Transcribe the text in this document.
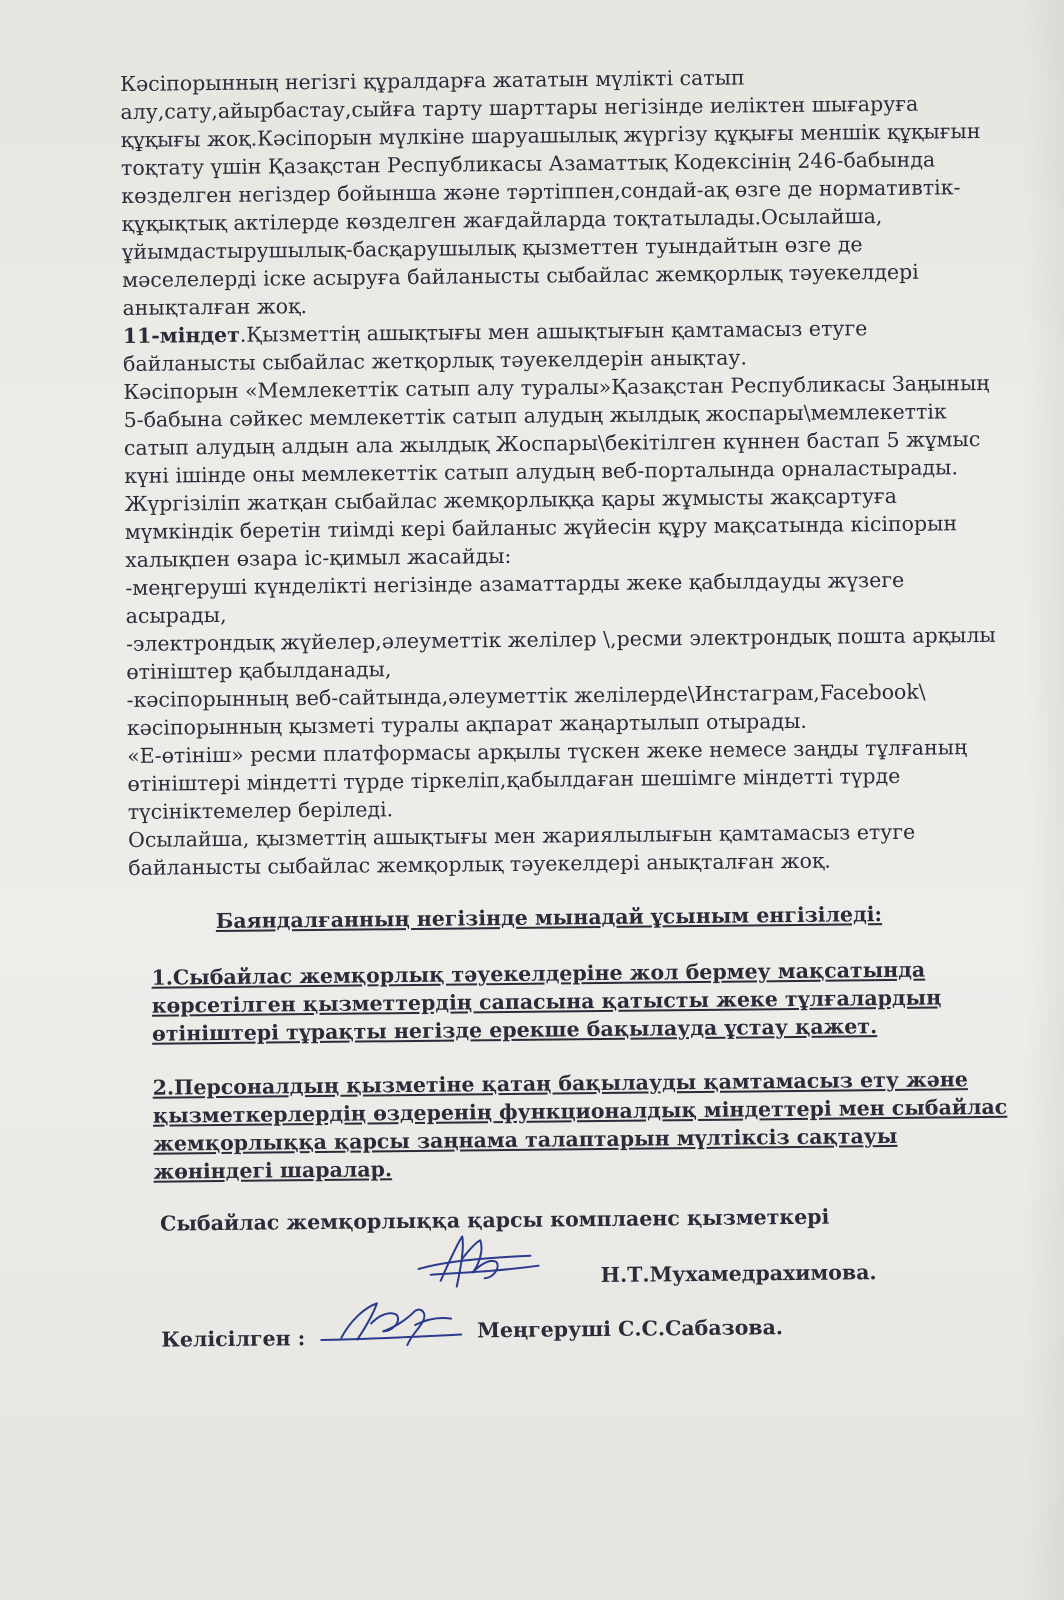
Кәсіпорынның негізгі құралдарға жататын мүлікті сатып алу,сату,айырбастау,сыйға тарту шарттары негізінде иеліктен шығаруға құқығы жоқ.Кәсіпорын мүлкіне шаруашылық жүргізу құқығы меншік құқығын тоқтату үшін Қазақстан Республикасы Азаматтық Кодексінің 246-бабында көзделген негіздер бойынша және тәртіппен,сондай-ақ өзге де нормативтік-құқықтық актілерде көзделген жағдайларда тоқтатылады.Осылайша, ұйымдастырушылық-басқарушылық қызметтен туындайтын өзге де мәселелерді іске асыруға байланысты сыбайлас жемқорлық тәуекелдері анықталған жоқ.

11-міндет.Қызметтің ашықтығы мен ашықтығын қамтамасыз етуге байланысты сыбайлас жетқорлық тәуекелдерін анықтау.

Кәсіпорын «Мемлекеттік сатып алу туралы»Қазақстан Республикасы Заңының 5-бабына сәйкес мемлекеттік сатып алудың жылдық жоспары\мемлекеттік сатып алудың алдын ала жылдық Жоспары\бекітілген күннен бастап 5 жұмыс күні ішінде оны мемлекеттік сатып алудың веб-порталында орналастырады.

Жүргізіліп жатқан сыбайлас жемқорлыққа қары жұмысты жақсартуға мүмкіндік беретін тиімді кері байланыс жүйесін құру мақсатында кісіпорын халықпен өзара іс-қимыл жасайды:

-меңгеруші күнделікті негізінде азаматтарды жеке қабылдауды жүзеге асырады,

-электрондық жүйелер,әлеуметтік желілер \,ресми электрондық пошта арқылы өтініштер қабылданады,

-кәсіпорынның веб-сайтында,әлеуметтік желілерде\Инстаграм,Facebook\ кәсіпорынның қызметі туралы ақпарат жаңартылып отырады.

«Е-өтініш» ресми платформасы арқылы түскен жеке немесе заңды тұлғаның өтініштері міндетті түрде тіркеліп,қабылдаған шешімге міндетті түрде түсініктемелер беріледі.

Осылайша, қызметтің ашықтығы мен жариялылығын қамтамасыз етуге байланысты сыбайлас жемқорлық тәуекелдері анықталған жоқ.

Баяндалғанның негізінде мынадай ұсыным енгізіледі:
1.Сыбайлас жемқорлық тәуекелдеріне жол бермеу мақсатында көрсетілген қызметтердің сапасына қатысты жеке тұлғалардың өтініштері тұрақты негізде ерекше бақылауда ұстау қажет.
2.Персоналдың қызметіне қатаң бақылауды қамтамасыз ету және қызметкерлердің өздеренің функционалдық міндеттері мен сыбайлас жемқорлыққа қарсы заңнама талаптарын мүлтіксіз сақтауы жөніндегі шаралар.
Сыбайлас жемқорлыққа қарсы комплаенс қызметкері
Н.Т.Мухамедрахимова.
Келісілген :	Меңгеруші С.С.Сабазова.
